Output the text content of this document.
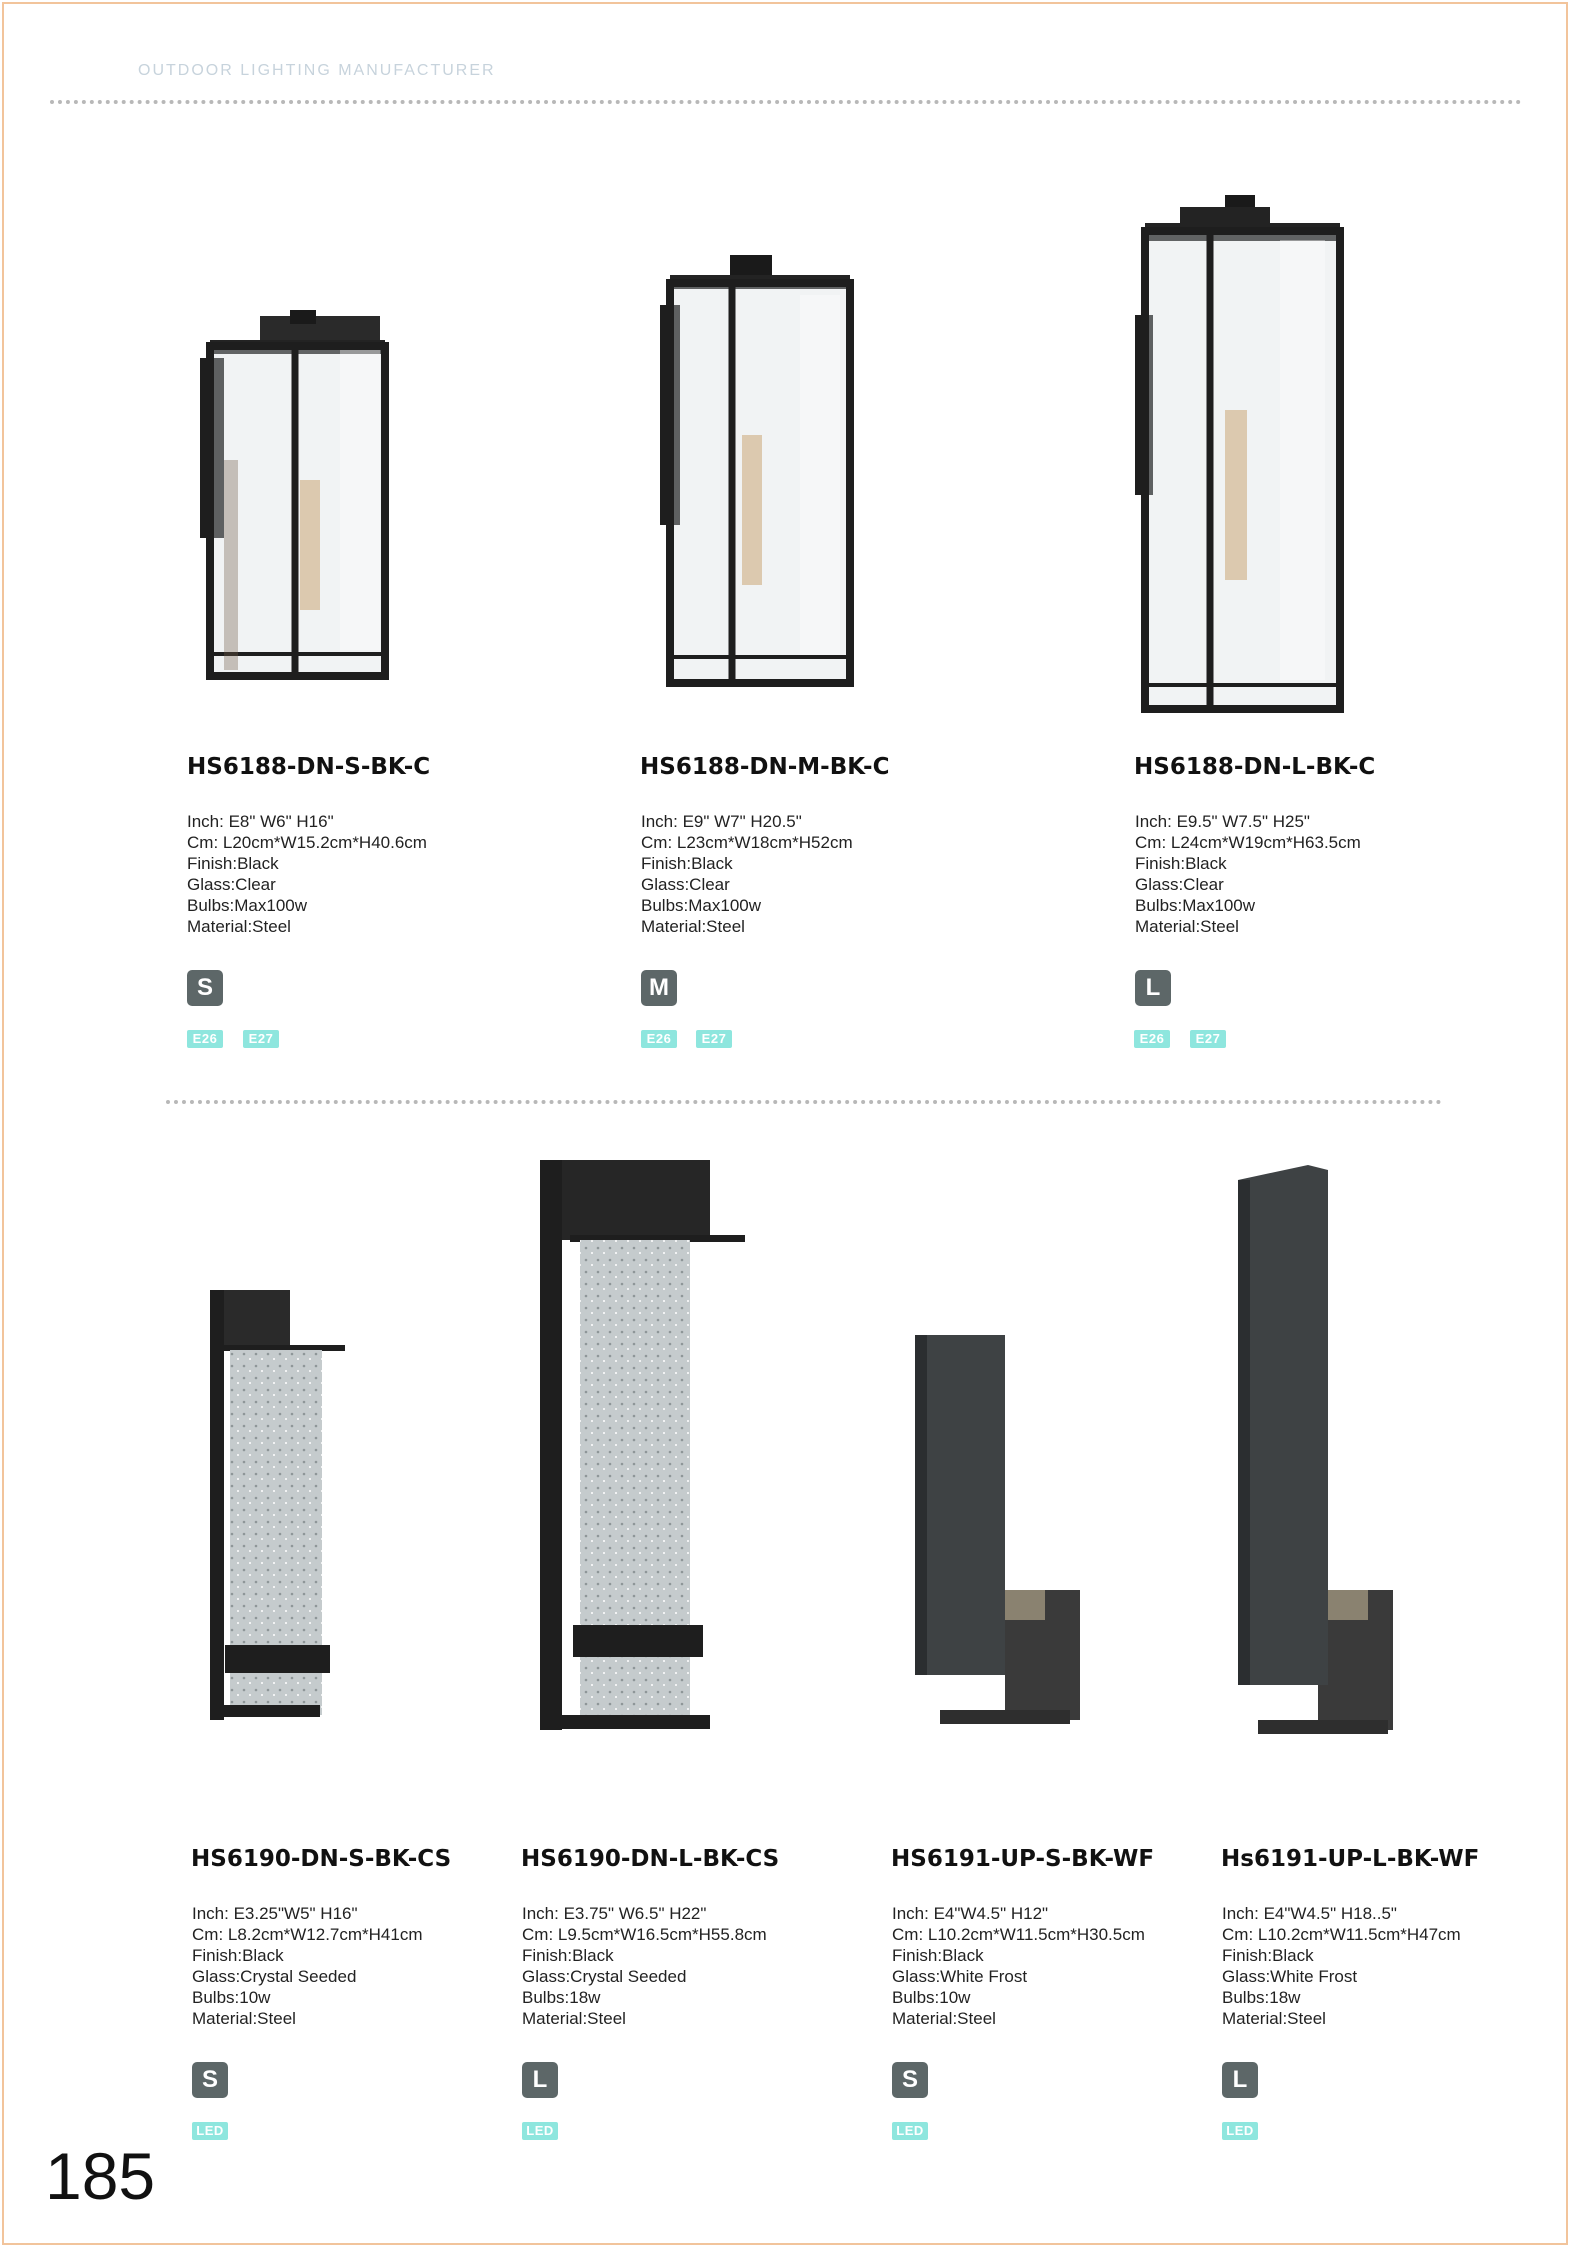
OUTDOOR LIGHTING MANUFACTURER
HS6188-DN-S-BK-C
Inch: E8" W6" H16"
Cm: L20cm*W15.2cm*H40.6cm
Finish:Black
Glass:Clear
Bulbs:Max100w
Material:Steel
S
E26	E27
HS6188-DN-M-BK-C
Inch: E9" W7" H20.5"
Cm: L23cm*W18cm*H52cm
Finish:Black
Glass:Clear
Bulbs:Max100w
Material:Steel
M
E26	E27
HS6188-DN-L-BK-C
Inch: E9.5" W7.5" H25"
Cm: L24cm*W19cm*H63.5cm
Finish:Black
Glass:Clear
Bulbs:Max100w
Material:Steel
L
E26	E27
HS6190-DN-S-BK-CS
Inch: E3.25"W5" H16"
Cm: L8.2cm*W12.7cm*H41cm
Finish:Black
Glass:Crystal Seeded
Bulbs:10w
Material:Steel
S
LED
HS6190-DN-L-BK-CS
Inch: E3.75" W6.5" H22"
Cm: L9.5cm*W16.5cm*H55.8cm
Finish:Black
Glass:Crystal Seeded
Bulbs:18w
Material:Steel
L
LED
HS6191-UP-S-BK-WF
Inch: E4"W4.5" H12"
Cm: L10.2cm*W11.5cm*H30.5cm
Finish:Black
Glass:White Frost
Bulbs:10w
Material:Steel
S
LED
Hs6191-UP-L-BK-WF
Inch: E4"W4.5" H18..5"
Cm: L10.2cm*W11.5cm*H47cm
Finish:Black
Glass:White Frost
Bulbs:18w
Material:Steel
L
LED
185
